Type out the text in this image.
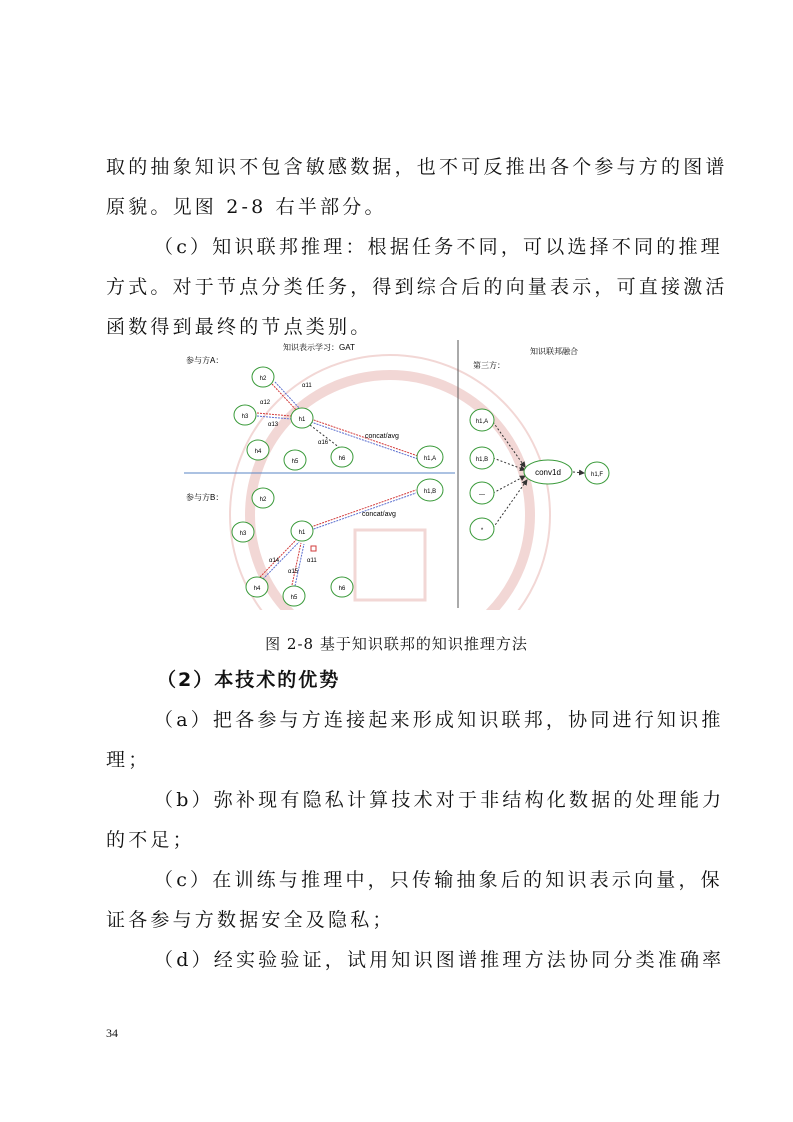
取的抽象知识不包含敏感数据，也不可反推出各个参与方的图谱
原貌。见图 2-8 右半部分。
（c）知识联邦推理：根据任务不同，可以选择不同的推理
方式。对于节点分类任务，得到综合后的向量表示，可直接激活
函数得到最终的节点类别。
知识表示学习：GAT	知识联邦融合
参与方A：
参与方B：
第三方：
α11
α12
α13
α16
concat/avg
h2
h3	h1
h4
h5	h6	h1,A
α14
α15
α11
concat/avg
h2
h3	h1
h4
h5
h6
h1,B
h1,A
h1,B
—
*
conv1d	h1,F
图 2-8 基于知识联邦的知识推理方法
（2）本技术的优势
（a）把各参与方连接起来形成知识联邦，协同进行知识推
理；
（b）弥补现有隐私计算技术对于非结构化数据的处理能力
的不足；
（c）在训练与推理中，只传输抽象后的知识表示向量，保
证各参与方数据安全及隐私；
（d）经实验验证，试用知识图谱推理方法协同分类准确率
34
